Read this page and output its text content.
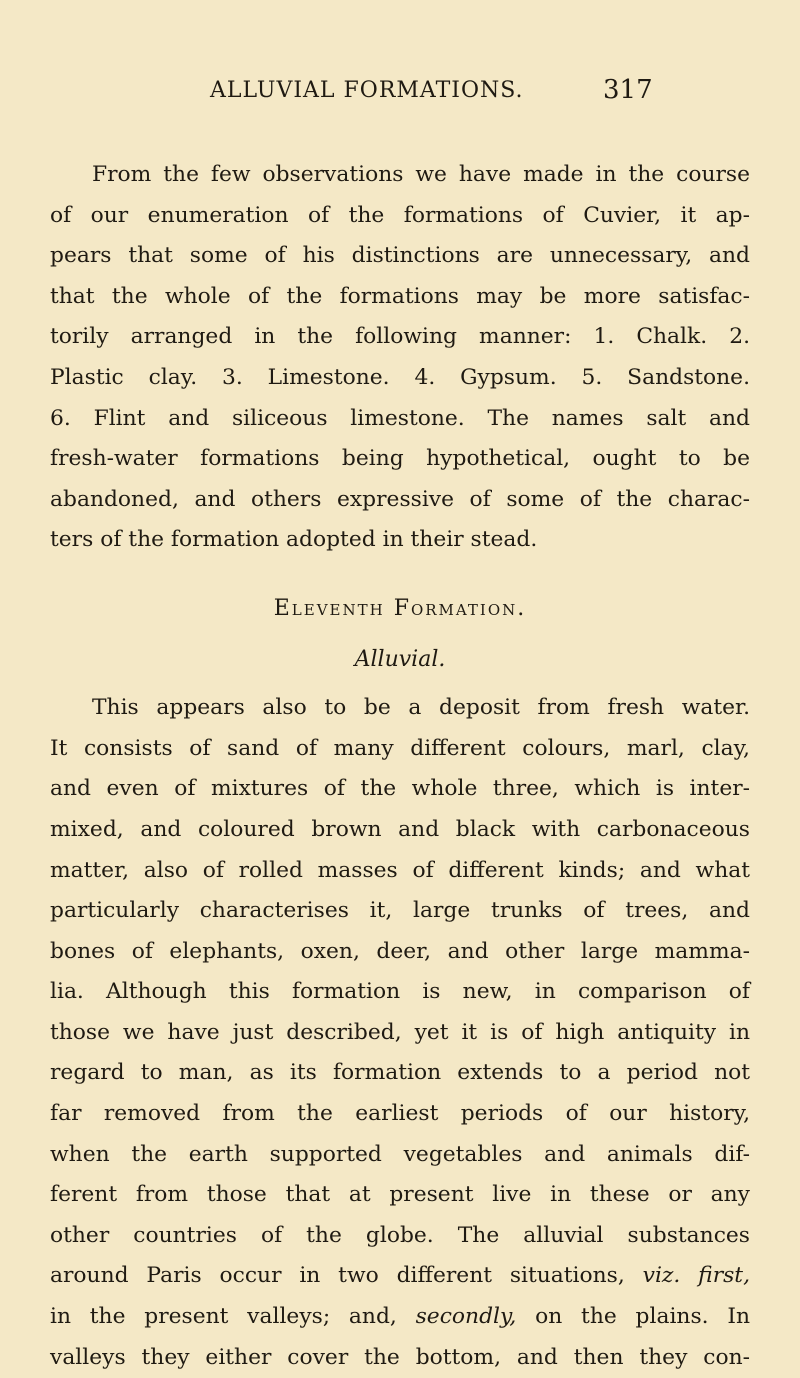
ALLUVIAL FORMATIONS.	317
From the few observations we have made in the course
of our enumeration of the formations of Cuvier, it ap-
pears that some of his distinctions are unnecessary, and
that the whole of the formations may be more satisfac-
torily arranged in the following manner: 1. Chalk. 2.
Plastic clay. 3. Limestone. 4. Gypsum. 5. Sandstone.
6. Flint and siliceous limestone. The names salt and
fresh-water formations being hypothetical, ought to be
abandoned, and others expressive of some of the charac-
ters of the formation adopted in their stead.
Eleventh Formation.
Alluvial.
This appears also to be a deposit from fresh water.
It consists of sand of many different colours, marl, clay,
and even of mixtures of the whole three, which is inter-
mixed, and coloured brown and black with carbonaceous
matter, also of rolled masses of different kinds; and what
particularly characterises it, large trunks of trees, and
bones of elephants, oxen, deer, and other large mamma-
lia. Although this formation is new, in comparison of
those we have just described, yet it is of high antiquity in
regard to man, as its formation extends to a period not
far removed from the earliest periods of our history,
when the earth supported vegetables and animals dif-
ferent from those that at present live in these or any
other countries of the globe. The alluvial substances
around Paris occur in two different situations, viz. first,
in the present valleys; and, secondly, on the plains. In
valleys they either cover the bottom, and then they con-
